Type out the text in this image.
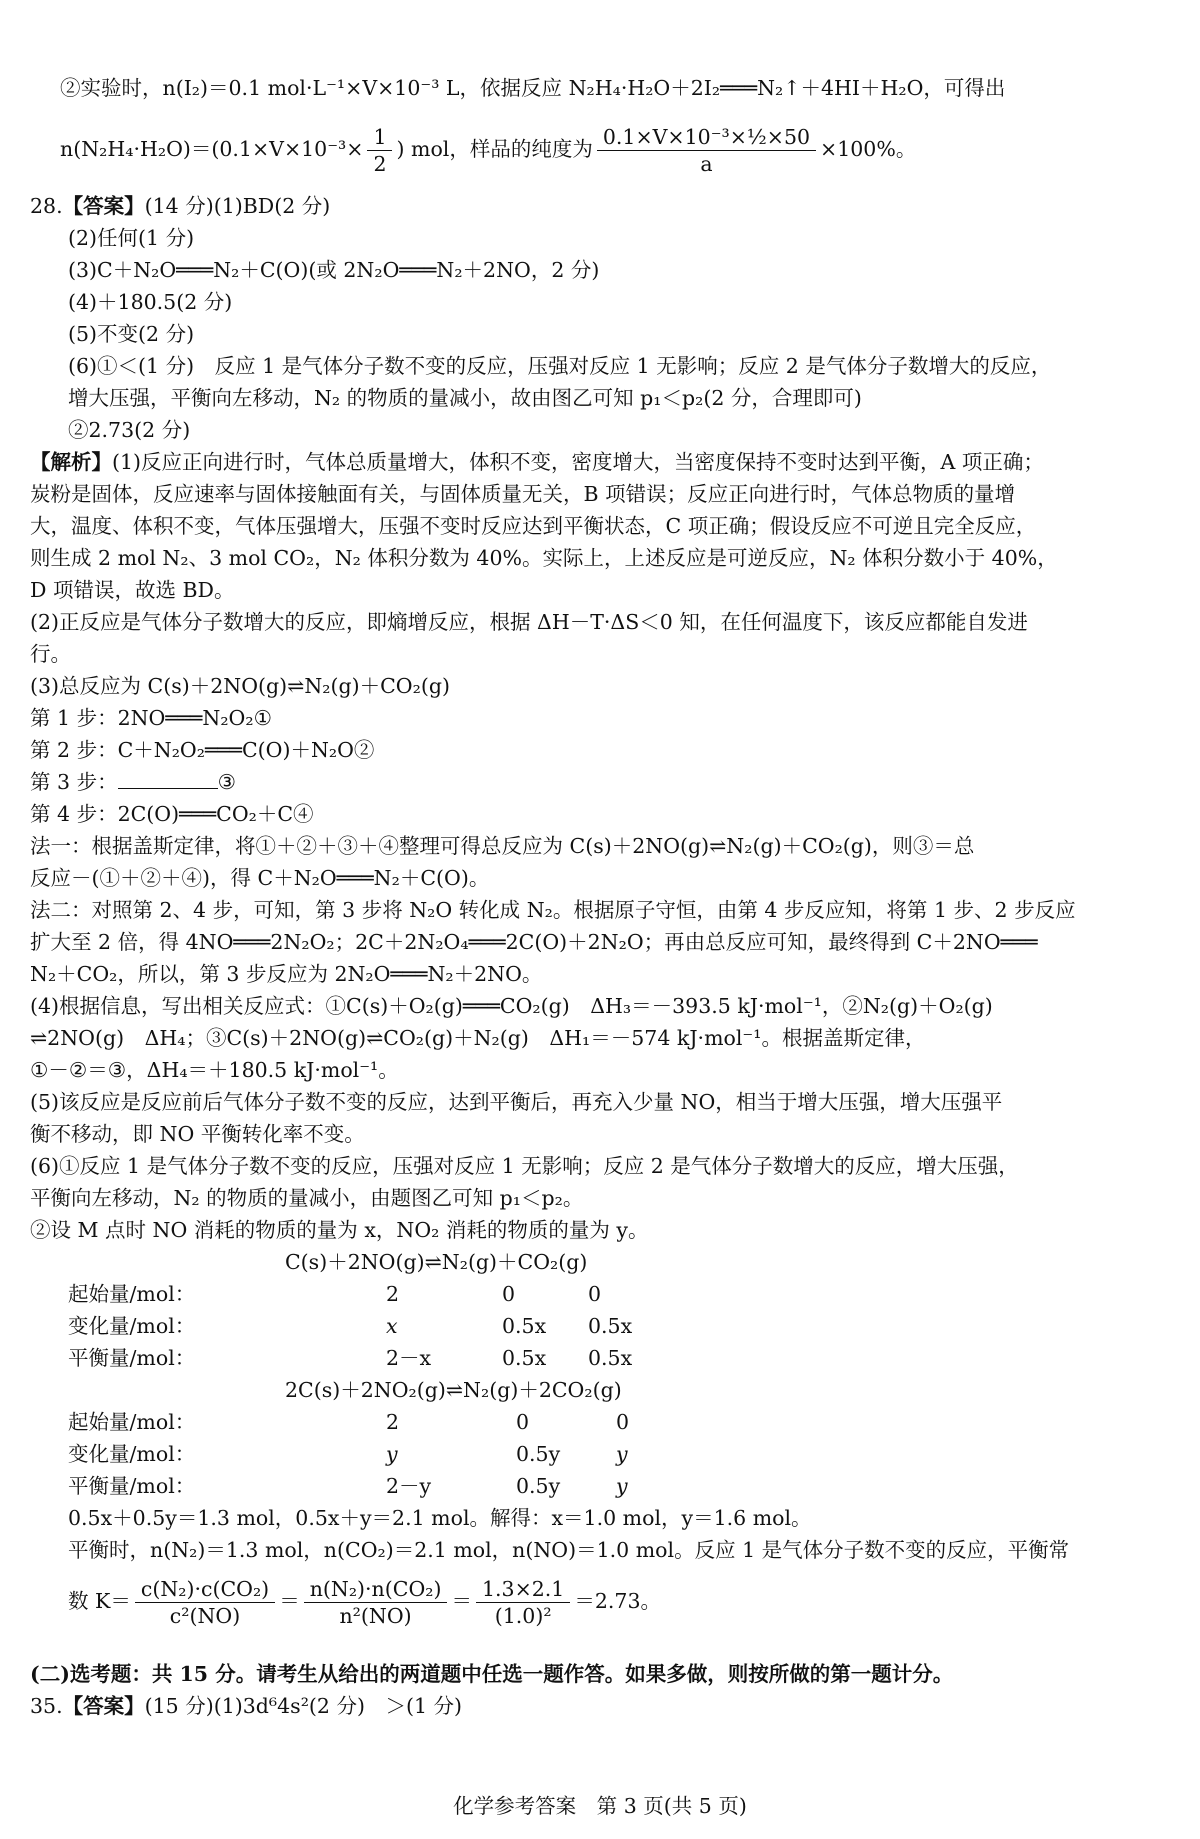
②实验时，n(I₂)＝0.1 mol·L⁻¹×V×10⁻³ L，依据反应 N₂H₄·H₂O＋2I₂═══N₂↑＋4HI＋H₂O，可得出
$n(N_2H_4\cdot H_2O)=(0.1\times V\times 10^{-3}\times \frac{1}{2}$ ) mol，样品的纯度为 $\frac{\text{0.1×V×10⁻³×½×50}}{a} \times 100\%$。
28.【答案】(14 分)(1)BD(2 分)
(2)任何(1 分)
(3)C＋N₂O═══N₂＋C(O)(或 2N₂O═══N₂＋2NO，2 分)
(4)＋180.5(2 分)
(5)不变(2 分)
(6)①＜(1 分)　反应 1 是气体分子数不变的反应，压强对反应 1 无影响；反应 2 是气体分子数增大的反应，
增大压强，平衡向左移动，N₂ 的物质的量减小，故由图乙可知 p₁＜p₂(2 分，合理即可)
②2.73(2 分)
【解析】(1)反应正向进行时，气体总质量增大，体积不变，密度增大，当密度保持不变时达到平衡，A 项正确；
炭粉是固体，反应速率与固体接触面有关，与固体质量无关，B 项错误；反应正向进行时，气体总物质的量增
大，温度、体积不变，气体压强增大，压强不变时反应达到平衡状态，C 项正确；假设反应不可逆且完全反应，
则生成 2 mol N₂、3 mol CO₂，N₂ 体积分数为 40%。实际上，上述反应是可逆反应，N₂ 体积分数小于 40%，
D 项错误，故选 BD。
(2)正反应是气体分子数增大的反应，即熵增反应，根据 ΔH－T·ΔS＜0 知，在任何温度下，该反应都能自发进
行。
(3)总反应为 C(s)＋2NO(g)⇌N₂(g)＋CO₂(g)
第 1 步：2NO═══N₂O₂①
第 2 步：C＋N₂O₂═══C(O)＋N₂O②
第 3 步：	③
第 4 步：2C(O)═══CO₂＋C④
法一：根据盖斯定律，将①＋②＋③＋④整理可得总反应为 C(s)＋2NO(g)⇌N₂(g)＋CO₂(g)，则③＝总
反应－(①＋②＋④)，得 C＋N₂O═══N₂＋C(O)。
法二：对照第 2、4 步，可知，第 3 步将 N₂O 转化成 N₂。根据原子守恒，由第 4 步反应知，将第 1 步、2 步反应
扩大至 2 倍，得 4NO═══2N₂O₂；2C＋2N₂O₄═══2C(O)＋2N₂O；再由总反应可知，最终得到 C＋2NO═══
N₂＋CO₂，所以，第 3 步反应为 2N₂O═══N₂＋2NO。
(4)根据信息，写出相关反应式：①C(s)＋O₂(g)═══CO₂(g)　ΔH₃＝－393.5 kJ·mol⁻¹，②N₂(g)＋O₂(g)
⇌2NO(g)　ΔH₄；③C(s)＋2NO(g)⇌CO₂(g)＋N₂(g)　ΔH₁＝－574 kJ·mol⁻¹。根据盖斯定律，
①－②＝③，ΔH₄＝＋180.5 kJ·mol⁻¹。
(5)该反应是反应前后气体分子数不变的反应，达到平衡后，再充入少量 NO，相当于增大压强，增大压强平
衡不移动，即 NO 平衡转化率不变。
(6)①反应 1 是气体分子数不变的反应，压强对反应 1 无影响；反应 2 是气体分子数增大的反应，增大压强，
平衡向左移动，N₂ 的物质的量减小，由题图乙可知 p₁＜p₂。
②设 M 点时 NO 消耗的物质的量为 x，NO₂ 消耗的物质的量为 y。
C(s)＋2NO(g)⇌N₂(g)＋CO₂(g)
起始量/mol：	2	0	0
变化量/mol：	x	0.5x 0.5x
平衡量/mol：	2－x	0.5x 0.5x
2C(s)＋2NO₂(g)⇌N₂(g)＋2CO₂(g)
起始量/mol：	2	0	0
变化量/mol：	y	0.5y	y
平衡量/mol：	2－y	0.5y	y
0.5x＋0.5y＝1.3 mol，0.5x＋y＝2.1 mol。解得：x＝1.0 mol，y＝1.6 mol。
平衡时，n(N₂)＝1.3 mol，n(CO₂)＝2.1 mol，n(NO)＝1.0 mol。反应 1 是气体分子数不变的反应，平衡常
数 $K= \frac{\text{c(N₂)·c(CO₂)}}{\text{c²(NO)}} = \frac{\text{n(N₂)·n(CO₂)}}{\text{n²(NO)}} = \frac{1.3\times 2.1}{\text{(1.0)²}} =2.73$。
(二)选考题：共 15 分。请考生从给出的两道题中任选一题作答。如果多做，则按所做的第一题计分。
35.【答案】(15 分)(1)3d⁶4s²(2 分)　＞(1 分)
化学参考答案　第 3 页(共 5 页)
